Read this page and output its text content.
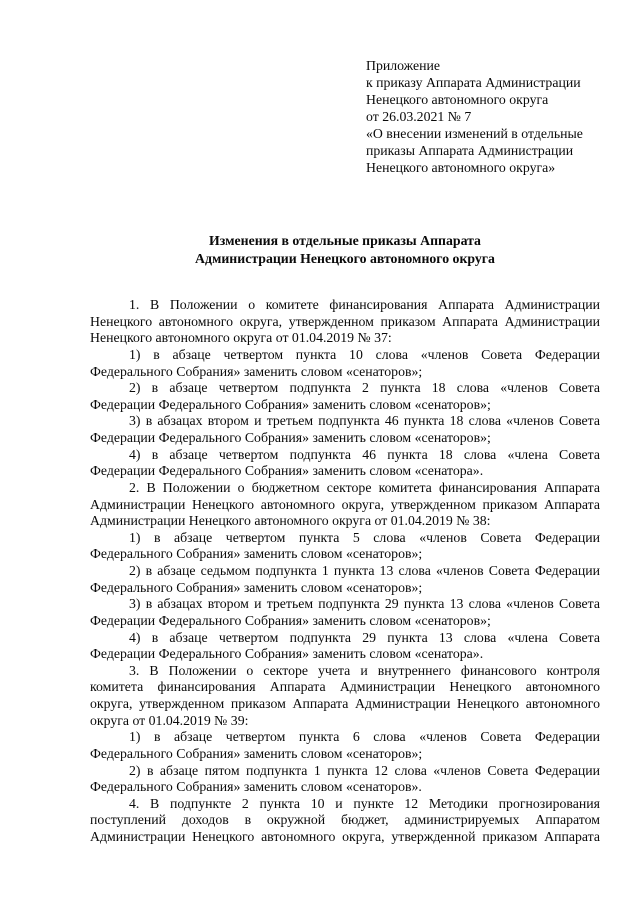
Приложение
к приказу Аппарата Администрации
Ненецкого автономного округа
от 26.03.2021 № 7
«О внесении изменений в отдельные
приказы Аппарата Администрации
Ненецкого автономного округа»
Изменения в отдельные приказы Аппарата
Администрации Ненецкого автономного округа
1. В Положении о комитете финансирования Аппарата Администрации
Ненецкого автономного округа, утвержденном приказом Аппарата Администрации
Ненецкого автономного округа от 01.04.2019 № 37:
1) в абзаце четвертом пункта 10 слова «членов Совета Федерации
Федерального Собрания» заменить словом «сенаторов»;
2) в абзаце четвертом подпункта 2 пункта 18 слова «членов Совета
Федерации Федерального Собрания» заменить словом «сенаторов»;
3) в абзацах втором и третьем подпункта 46 пункта 18 слова «членов Совета
Федерации Федерального Собрания» заменить словом «сенаторов»;
4) в абзаце четвертом подпункта 46 пункта 18 слова «члена Совета
Федерации Федерального Собрания» заменить словом «сенатора».
2. В Положении о бюджетном секторе комитета финансирования Аппарата
Администрации Ненецкого автономного округа, утвержденном приказом Аппарата
Администрации Ненецкого автономного округа от 01.04.2019 № 38:
1) в абзаце четвертом пункта 5 слова «членов Совета Федерации
Федерального Собрания» заменить словом «сенаторов»;
2) в абзаце седьмом подпункта 1 пункта 13 слова «членов Совета Федерации
Федерального Собрания» заменить словом «сенаторов»;
3) в абзацах втором и третьем подпункта 29 пункта 13 слова «членов Совета
Федерации Федерального Собрания» заменить словом «сенаторов»;
4) в абзаце четвертом подпункта 29 пункта 13 слова «члена Совета
Федерации Федерального Собрания» заменить словом «сенатора».
3. В Положении о секторе учета и внутреннего финансового контроля
комитета финансирования Аппарата Администрации Ненецкого автономного
округа, утвержденном приказом Аппарата Администрации Ненецкого автономного
округа от 01.04.2019 № 39:
1) в абзаце четвертом пункта 6 слова «членов Совета Федерации
Федерального Собрания» заменить словом «сенаторов»;
2) в абзаце пятом подпункта 1 пункта 12 слова «членов Совета Федерации
Федерального Собрания» заменить словом «сенаторов».
4. В подпункте 2 пункта 10 и пункте 12 Методики прогнозирования
поступлений доходов в окружной бюджет, администрируемых Аппаратом
Администрации Ненецкого автономного округа, утвержденной приказом Аппарата
